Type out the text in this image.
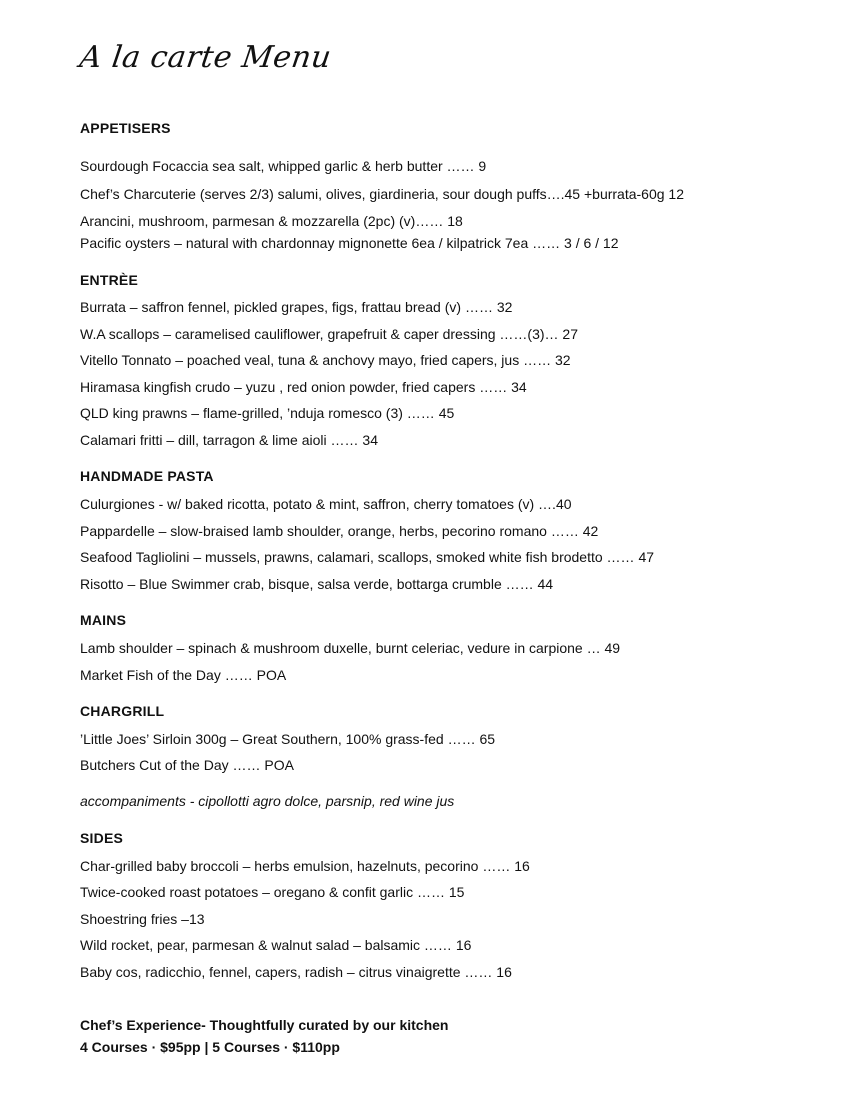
A la carte Menu
APPETISERS
Sourdough Focaccia sea salt, whipped garlic & herb butter …… 9
Chef’s Charcuterie (serves 2/3) salumi, olives, giardineria, sour dough puffs….45 +burrata-60g 12
Arancini, mushroom, parmesan & mozzarella (2pc) (v)…… 18
Pacific oysters – natural with chardonnay mignonette 6ea / kilpatrick 7ea …… 3 / 6 / 12
ENTRÈE
Burrata – saffron fennel, pickled grapes, figs, frattau bread (v) …… 32
W.A scallops – caramelised cauliflower, grapefruit & caper dressing ……(3)… 27
Vitello Tonnato – poached veal, tuna & anchovy mayo, fried capers, jus …… 32
Hiramasa kingfish crudo – yuzu , red onion powder, fried capers …… 34
QLD king prawns – flame-grilled, ’nduja romesco (3) …… 45
Calamari fritti – dill, tarragon & lime aioli …… 34
HANDMADE PASTA
Culurgiones - w/ baked ricotta, potato & mint, saffron, cherry tomatoes (v) ….40
Pappardelle – slow-braised lamb shoulder, orange, herbs, pecorino romano …… 42
Seafood Tagliolini – mussels, prawns, calamari, scallops, smoked white fish brodetto …… 47
Risotto – Blue Swimmer crab, bisque, salsa verde, bottarga crumble …… 44
MAINS
Lamb shoulder – spinach & mushroom duxelle, burnt celeriac, vedure in carpione … 49
Market Fish of the Day …… POA
CHARGRILL
’Little Joes’ Sirloin 300g – Great Southern, 100% grass-fed …… 65
Butchers Cut of the Day …… POA
accompaniments - cipollotti agro dolce, parsnip, red wine jus
SIDES
Char-grilled baby broccoli – herbs emulsion, hazelnuts, pecorino …… 16
Twice-cooked roast potatoes – oregano & confit garlic …… 15
Shoestring fries –13
Wild rocket, pear, parmesan & walnut salad – balsamic …… 16
Baby cos, radicchio, fennel, capers, radish – citrus vinaigrette …… 16
Chef’s Experience- Thoughtfully curated by our kitchen
4 Courses · $95pp | 5 Courses · $110pp
